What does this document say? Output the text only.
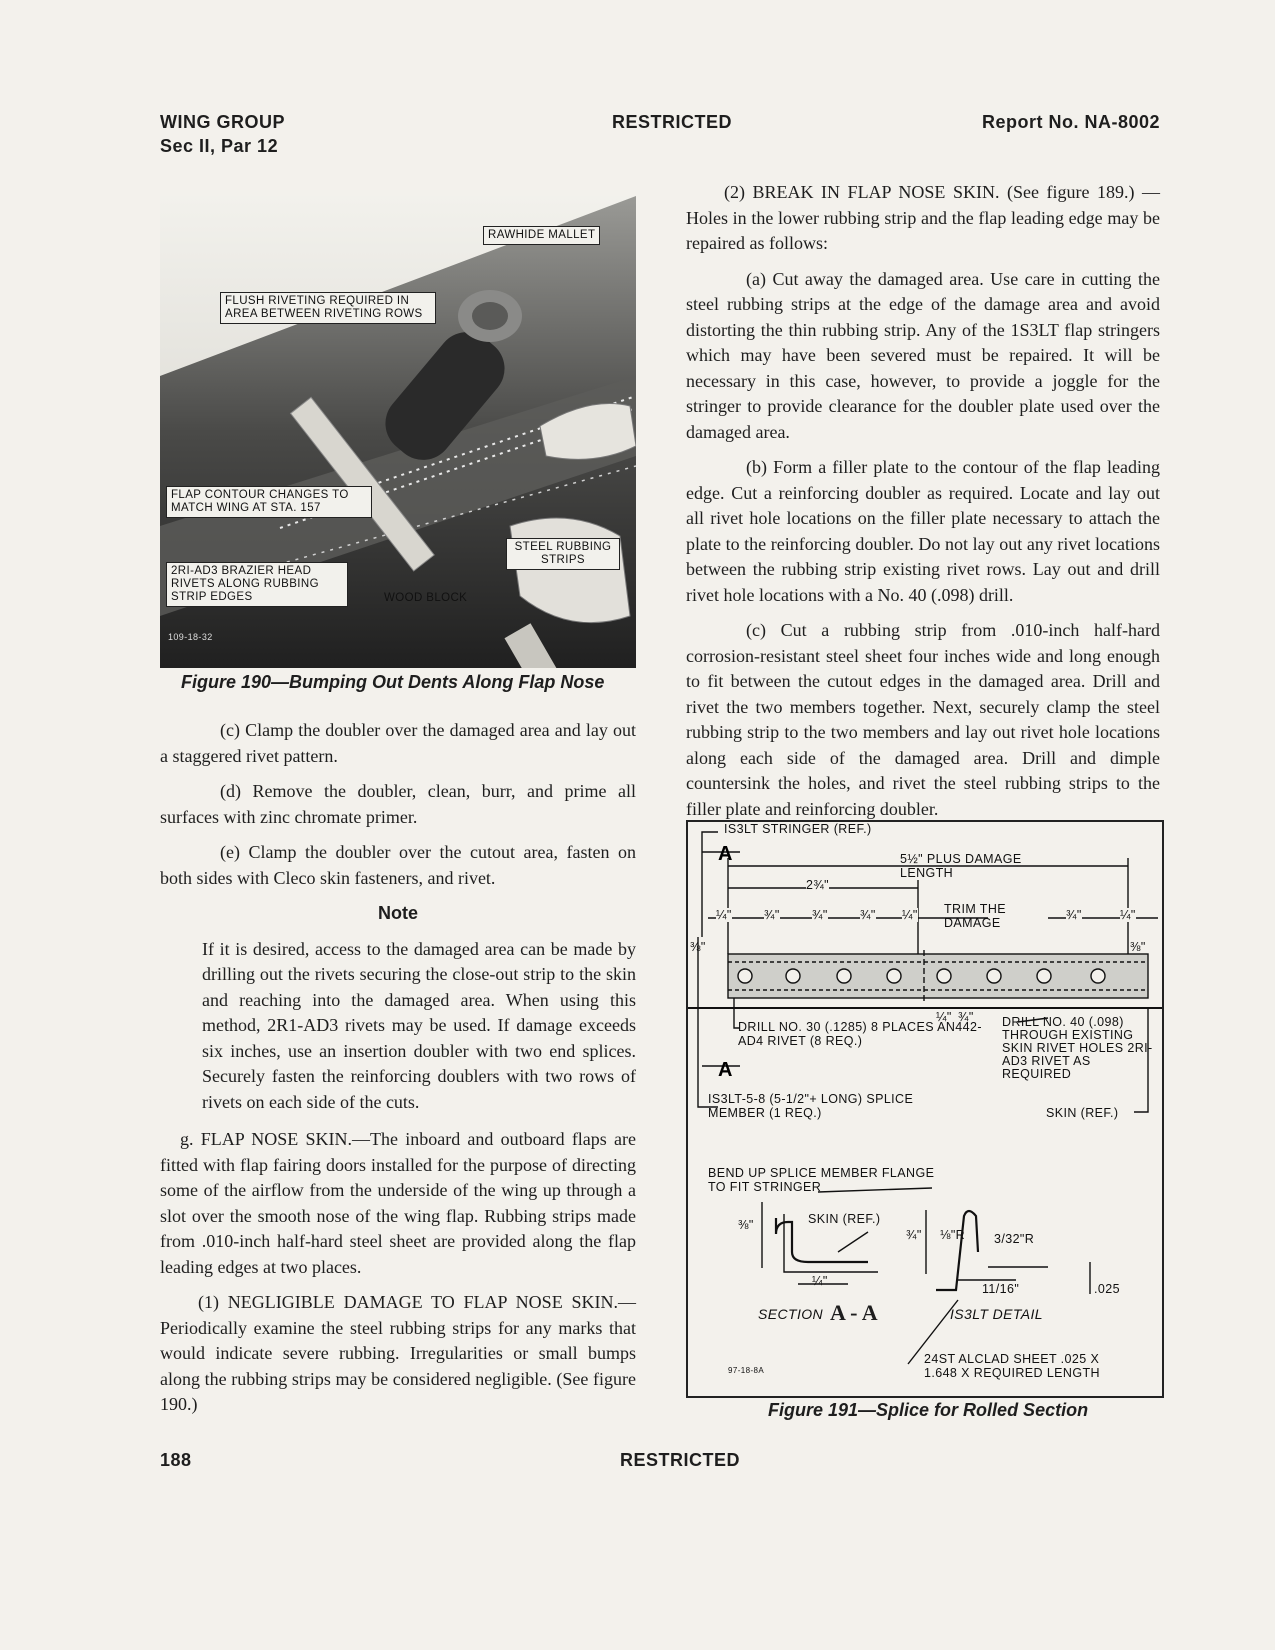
WING GROUP
Sec II, Par 12
RESTRICTED	Report No. NA-8002
RAWHIDE MALLET
FLUSH RIVETING REQUIRED IN AREA BETWEEN RIVETING ROWS
FLAP CONTOUR CHANGES TO MATCH WING AT STA. 157
2RI-AD3 BRAZIER HEAD RIVETS ALONG RUBBING STRIP EDGES
STEEL RUBBING STRIPS
WOOD BLOCK
109-18-32
Figure 190—Bumping Out Dents Along Flap Nose

(c) Clamp the doubler over the damaged area and lay out a staggered rivet pattern.

(d) Remove the doubler, clean, burr, and prime all surfaces with zinc chromate primer.

(e) Clamp the doubler over the cutout area, fasten on both sides with Cleco skin fasteners, and rivet.

Note

If it is desired, access to the damaged area can be made by drilling out the rivets securing the close-out strip to the skin and reaching into the damaged area. When using this method, 2R1-AD3 rivets may be used. If damage exceeds six inches, use an insertion doubler with two end splices. Securely fasten the reinforcing doublers with two rows of rivets on each side of the cuts.

g. FLAP NOSE SKIN.—The inboard and outboard flaps are fitted with flap fairing doors installed for the purpose of directing some of the airflow from the underside of the wing up through a slot over the smooth nose of the wing flap. Rubbing strips made from .010-inch half-hard steel sheet are provided along the flap leading edges at two places.

(1) NEGLIGIBLE DAMAGE TO FLAP NOSE SKIN.—Periodically examine the steel rubbing strips for any marks that would indicate severe rubbing. Irregularities or small bumps along the rubbing strips may be considered negligible. (See figure 190.)

(2) BREAK IN FLAP NOSE SKIN. (See figure 189.) —Holes in the lower rubbing strip and the flap leading edge may be repaired as follows:

(a) Cut away the damaged area. Use care in cutting the steel rubbing strips at the edge of the damage area and avoid distorting the thin rubbing strip. Any of the 1S3LT flap stringers which may have been severed must be repaired. It will be necessary in this case, however, to provide a joggle for the stringer to provide clearance for the doubler plate used over the damaged area.

(b) Form a filler plate to the contour of the flap leading edge. Cut a reinforcing doubler as required. Locate and lay out all rivet hole locations on the filler plate necessary to attach the plate to the reinforcing doubler. Do not lay out any rivet locations between the rubbing strip existing rivet rows. Lay out and drill rivet hole locations with a No. 40 (.098) drill.

(c) Cut a rubbing strip from .010-inch half-hard corrosion-resistant steel sheet four inches wide and long enough to fit between the cutout edges in the damaged area. Drill and rivet the two members together. Next, securely clamp the steel rubbing strip to the two members and lay out rivet hole locations along each side of the damaged area. Drill and dimple countersink the holes, and rivet the steel rubbing strips to the filler plate and reinforcing doubler.

A
A
IS3LT STRINGER (REF.)
5½" PLUS DAMAGE LENGTH
2¾"
¼"	¾"	¾"	¾" ¼"	¾"	¼"
TRIM THE DAMAGE
⅜"	⅜"
¼" ¾"
DRILL NO. 30 (.1285) 8 PLACES AN442-AD4 RIVET (8 REQ.)
DRILL NO. 40 (.098) THROUGH EXISTING SKIN RIVET HOLES 2RI-AD3 RIVET AS REQUIRED
IS3LT-5-8 (5-1/2"+ LONG) SPLICE MEMBER (1 REQ.)	SKIN (REF.)
BEND UP SPLICE MEMBER FLANGE TO FIT STRINGER
SKIN (REF.)
⅜"
¼"
¾" ⅛"R 3/32"R
11/16"	.025
SECTION A - A	IS3LT DETAIL
24ST ALCLAD SHEET .025 X 1.648 X REQUIRED LENGTH
97-18-8A
Figure 191—Splice for Rolled Section
188	RESTRICTED
